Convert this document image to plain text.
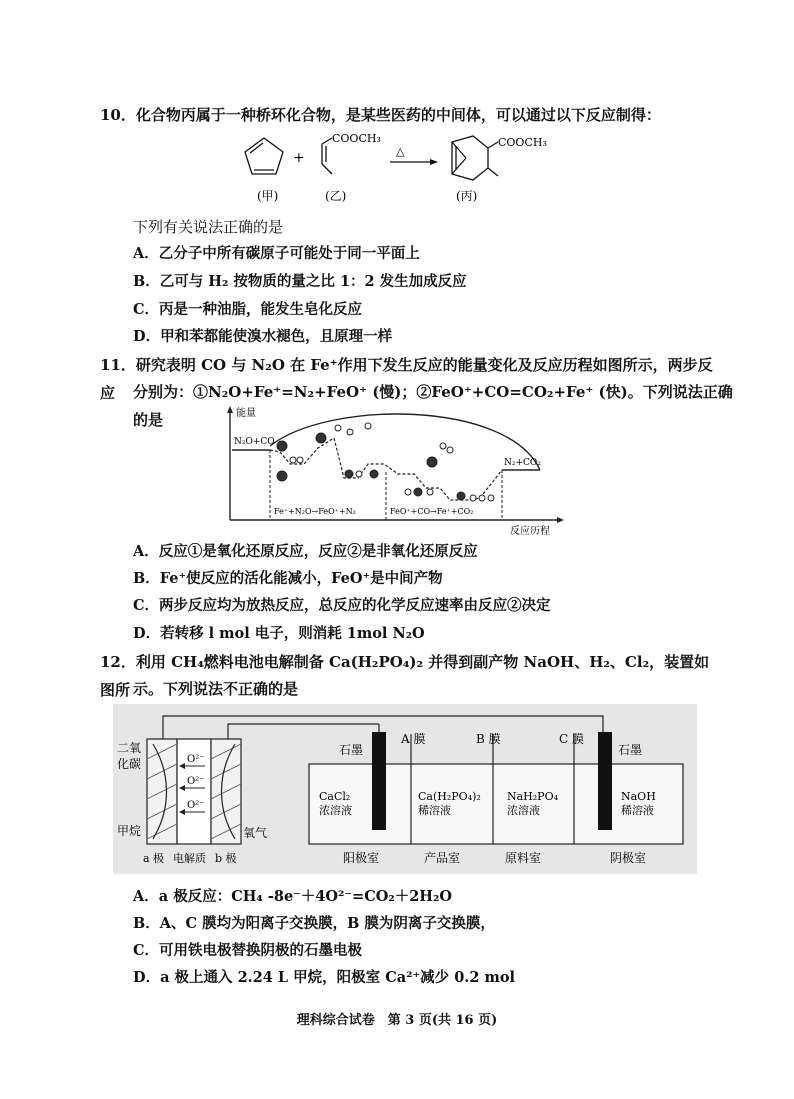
10．化合物丙属于一种桥环化合物，是某些医药的中间体，可以通过以下反应制得：
(甲)
+
COOCH₃
(乙)
△
COOCH₃
(丙)
下列有关说法正确的是
A．乙分子中所有碳原子可能处于同一平面上
B．乙可与 H₂ 按物质的量之比 1：2 发生加成反应
C．丙是一种油脂，能发生皂化反应
D．甲和苯都能使溴水褪色，且原理一样
11．研究表明 CO 与 N₂O 在 Fe⁺作用下发生反应的能量变化及反应历程如图所示，两步反应	分别为：①N₂O+Fe⁺=N₂+FeO⁺ (慢)；②FeO⁺+CO=CO₂+Fe⁺ (快)。下列说法正确的是	能量
反应历程
N₂O+CO
N₂+CO₂
Fe⁺+N₂O→FeO⁺+N₂	FeO⁺+CO→Fe⁺+CO₂
A．反应①是氧化还原反应，反应②是非氧化还原反应
B．Fe⁺使反应的活化能减小，FeO⁺是中间产物
C．两步反应均为放热反应，总反应的化学反应速率由反应②决定
D．若转移 l mol 电子，则消耗 1mol N₂O
12．利用 CH₄燃料电池电解制备 Ca(H₂PO₄)₂ 并得到副产物 NaOH、H₂、Cl₂，装置如图所 示。下列说法不正确的是
O²⁻
O²⁻
O²⁻
二氧
化碳
甲烷	氧气
a 极 电解质 b 极
石墨	石墨
A 膜	B 膜	C 膜
CaCl₂
浓溶液
Ca(H₂PO₄)₂
稀溶液
NaH₂PO₄
浓溶液
NaOH
稀溶液
阳极室	产品室	原料室	阴极室
A．a 极反应：CH₄ -8e⁻＋4O²⁻=CO₂＋2H₂O
B．A、C 膜均为阳离子交换膜，B 膜为阴离子交换膜，
C．可用铁电极替换阴极的石墨电极
D．a 极上通入 2.24 L 甲烷，阳极室 Ca²⁺减少 0.2 mol
理科综合试卷　第 3 页(共 16 页)
